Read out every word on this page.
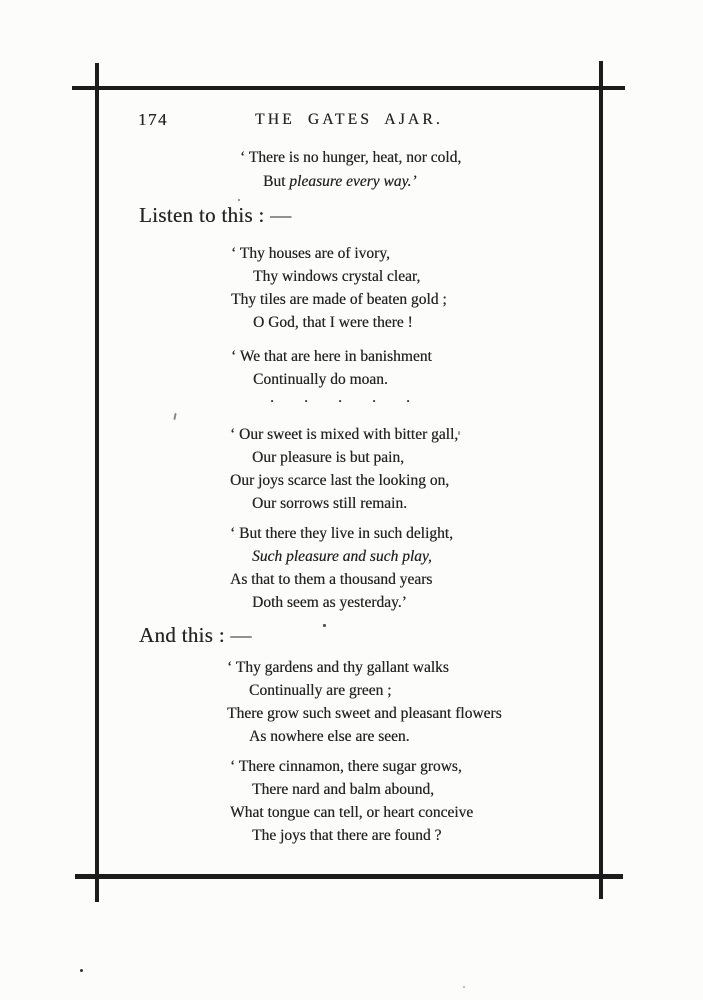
174	THE GATES AJAR.
‘ There is no hunger, heat, nor cold,
But pleasure every way.’
Listen to this : —
‘ Thy houses are of ivory,
Thy windows crystal clear,
Thy tiles are made of beaten gold ;
O God, that I were there !
‘ We that are here in banishment
Continually do moan.
. . . . .
‘ Our sweet is mixed with bitter gall,
Our pleasure is but pain,
Our joys scarce last the looking on,
Our sorrows still remain.
‘ But there they live in such delight,
Such pleasure and such play,
As that to them a thousand years
Doth seem as yesterday.’
And this : —
‘ Thy gardens and thy gallant walks
Continually are green ;
There grow such sweet and pleasant flowers
As nowhere else are seen.
‘ There cinnamon, there sugar grows,
There nard and balm abound,
What tongue can tell, or heart conceive
The joys that there are found ?
